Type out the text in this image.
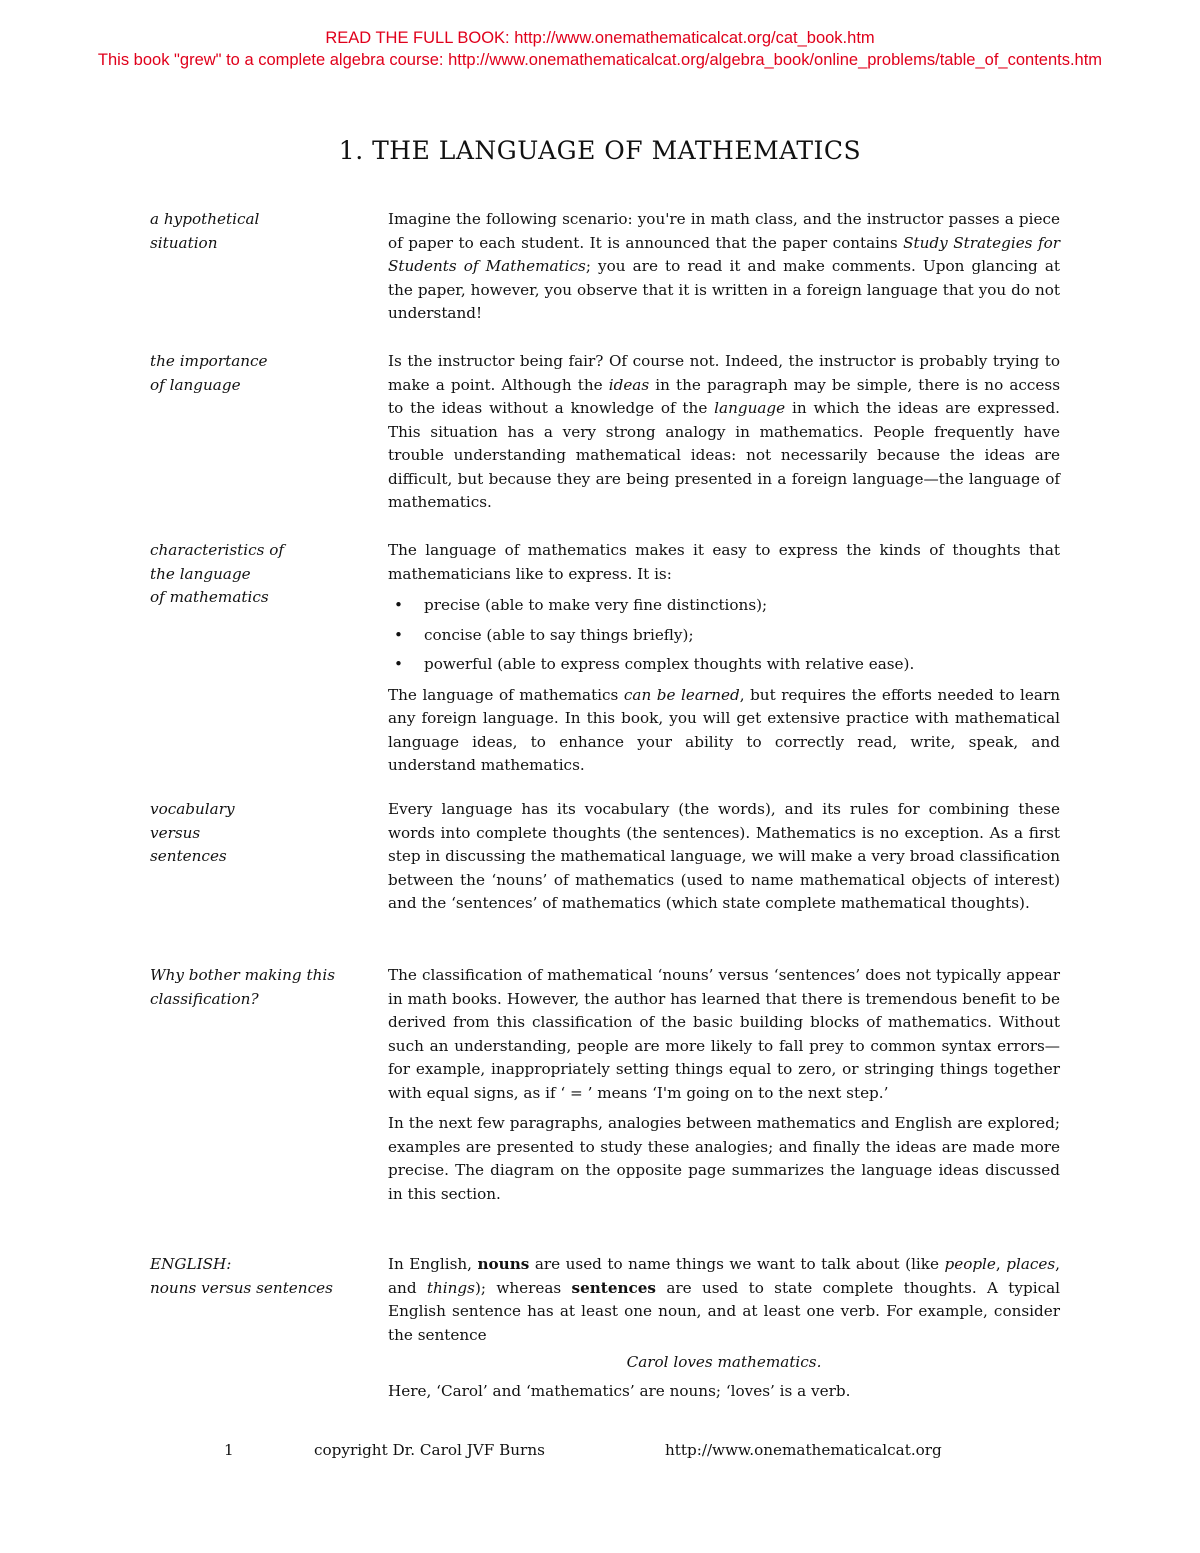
READ THE FULL BOOK: http://www.onemathematicalcat.org/cat_book.htm
This book "grew" to a complete algebra course: http://www.onemathematicalcat.org/algebra_book/online_problems/table_of_contents.htm
1. THE LANGUAGE OF MATHEMATICS
a hypothetical
situation

Imagine the following scenario: you're in math class, and the instructor passes a piece of paper to each student. It is announced that the paper contains Study Strategies for Students of Mathematics; you are to read it and make comments. Upon glancing at the paper, however, you observe that it is written in a foreign language that you do not understand!

the importance
of language

Is the instructor being fair? Of course not. Indeed, the instructor is probably trying to make a point. Although the ideas in the paragraph may be simple, there is no access to the ideas without a knowledge of the language in which the ideas are expressed. This situation has a very strong analogy in mathematics. People frequently have trouble understanding mathematical ideas: not necessarily because the ideas are difficult, but because they are being presented in a foreign language—the language of mathematics.

characteristics of
the language
of mathematics

The language of mathematics makes it easy to express the kinds of thoughts that mathematicians like to express. It is:

• precise (able to make very fine distinctions);
• concise (able to say things briefly);
• powerful (able to express complex thoughts with relative ease).

The language of mathematics can be learned, but requires the efforts needed to learn any foreign language. In this book, you will get extensive practice with mathematical language ideas, to enhance your ability to correctly read, write, speak, and understand mathematics.

vocabulary
versus
sentences

Every language has its vocabulary (the words), and its rules for combining these words into complete thoughts (the sentences). Mathematics is no exception. As a first step in discussing the mathematical language, we will make a very broad classification between the ‘nouns’ of mathematics (used to name mathematical objects of interest) and the ‘sentences’ of mathematics (which state complete mathematical thoughts).

Why bother making this
classification?

The classification of mathematical ‘nouns’ versus ‘sentences’ does not typically appear in math books. However, the author has learned that there is tremendous benefit to be derived from this classification of the basic building blocks of mathematics. Without such an understanding, people are more likely to fall prey to common syntax errors—for example, inappropriately setting things equal to zero, or stringing things together with equal signs, as if ‘ = ’ means ‘I'm going on to the next step.’

In the next few paragraphs, analogies between mathematics and English are explored; examples are presented to study these analogies; and finally the ideas are made more precise. The diagram on the opposite page summarizes the language ideas discussed in this section.

ENGLISH:
nouns versus sentences

In English, nouns are used to name things we want to talk about (like people, places, and things); whereas sentences are used to state complete thoughts. A typical English sentence has at least one noun, and at least one verb. For example, consider the sentence

Carol loves mathematics.

Here, ‘Carol’ and ‘mathematics’ are nouns; ‘loves’ is a verb.

1	copyright Dr. Carol JVF Burns	http://www.onemathematicalcat.org
